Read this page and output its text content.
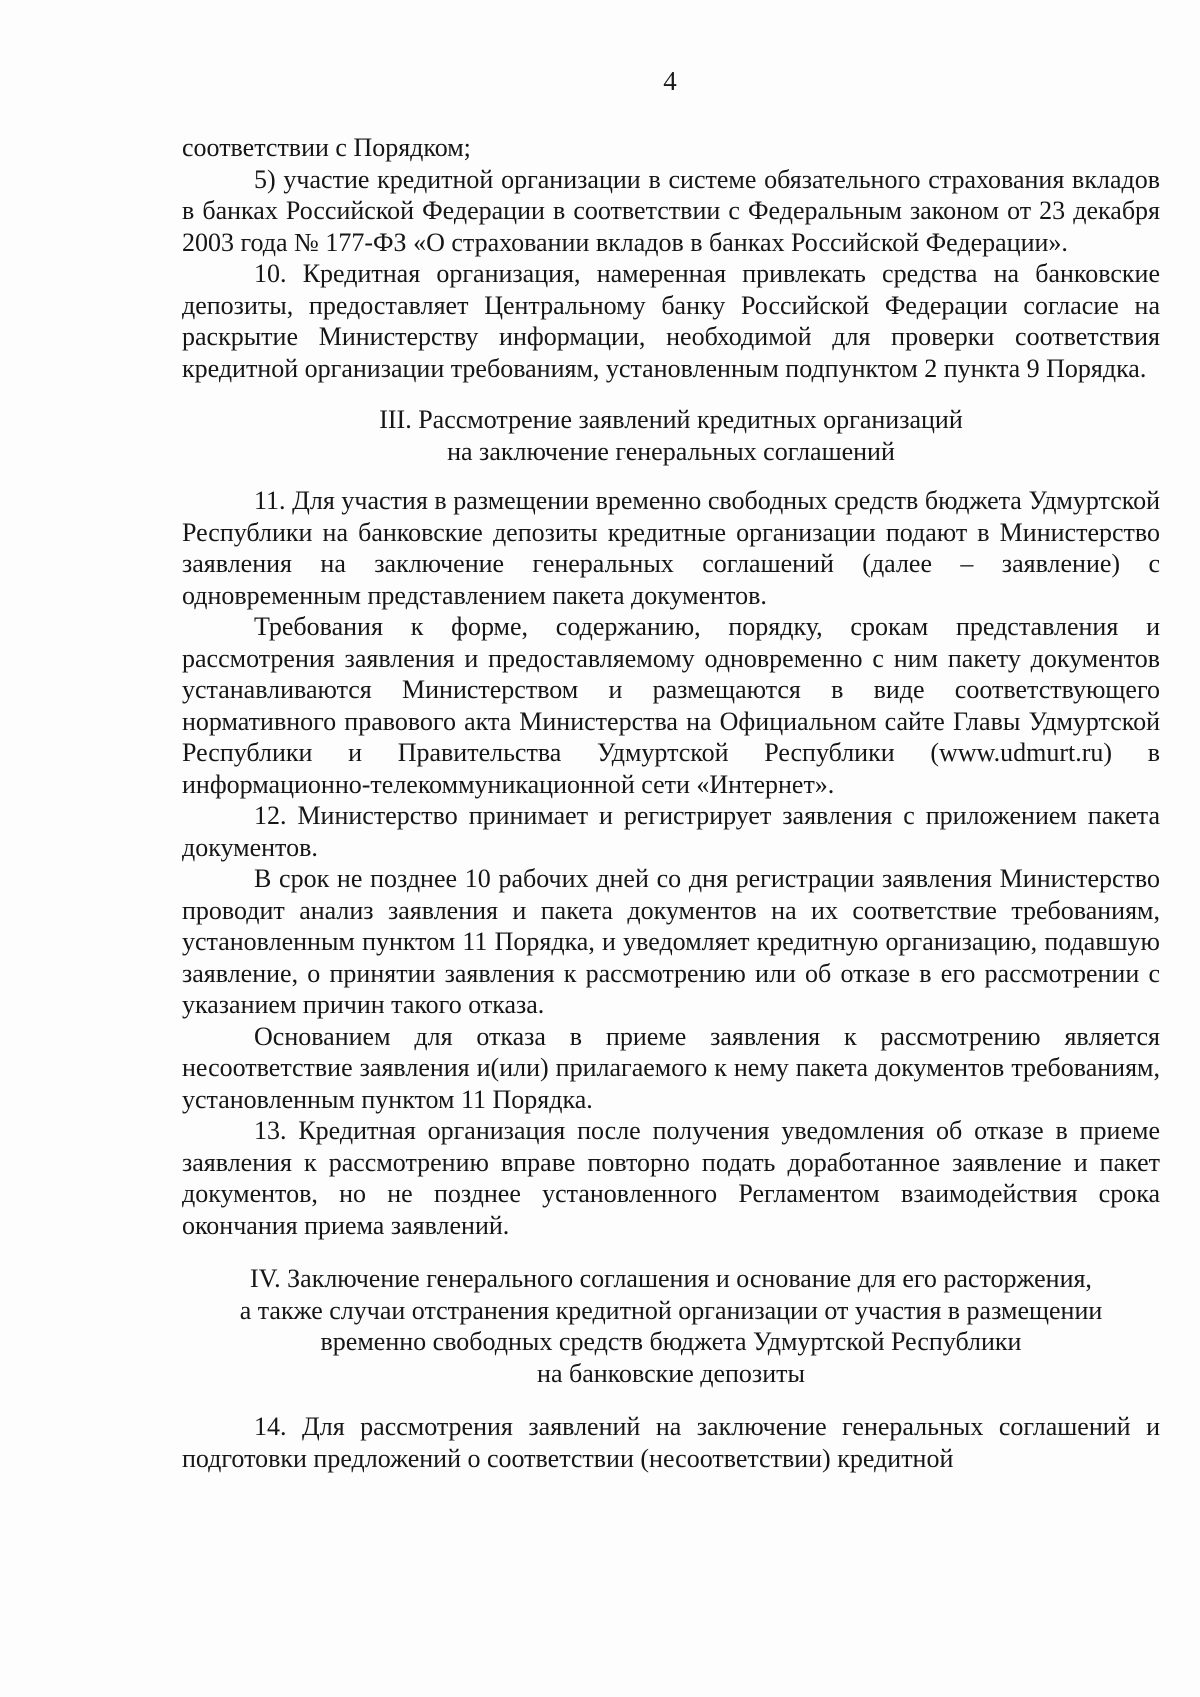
4

соответствии с Порядком;

5) участие кредитной организации в системе обязательного страхования вкладов в банках Российской Федерации в соответствии с Федеральным законом от 23 декабря 2003 года № 177-ФЗ «О страховании вкладов в банках Российской Федерации».

10. Кредитная организация, намеренная привлекать средства на банковские депозиты, предоставляет Центральному банку Российской Федерации согласие на раскрытие Министерству информации, необходимой для проверки соответствия кредитной организации требованиям, установленным подпунктом 2 пункта 9 Порядка.

III. Рассмотрение заявлений кредитных организаций
на заключение генеральных соглашений

11. Для участия в размещении временно свободных средств бюджета Удмуртской Республики на банковские депозиты кредитные организации подают в Министерство заявления на заключение генеральных соглашений (далее – заявление) с одновременным представлением пакета документов.

Требования к форме, содержанию, порядку, срокам представления и рассмотрения заявления и предоставляемому одновременно с ним пакету документов устанавливаются Министерством и размещаются в виде соответствующего нормативного правового акта Министерства на Официальном сайте Главы Удмуртской Республики и Правительства Удмуртской Республики (www.udmurt.ru) в информационно-телекоммуникационной сети «Интернет».

12. Министерство принимает и регистрирует заявления с приложением пакета документов.

В срок не позднее 10 рабочих дней со дня регистрации заявления Министерство проводит анализ заявления и пакета документов на их соответствие требованиям, установленным пунктом 11 Порядка, и уведомляет кредитную организацию, подавшую заявление, о принятии заявления к рассмотрению или об отказе в его рассмотрении с указанием причин такого отказа.

Основанием для отказа в приеме заявления к рассмотрению является несоответствие заявления и(или) прилагаемого к нему пакета документов требованиям, установленным пунктом 11 Порядка.

13. Кредитная организация после получения уведомления об отказе в приеме заявления к рассмотрению вправе повторно подать доработанное заявление и пакет документов, но не позднее установленного Регламентом взаимодействия срока окончания приема заявлений.

IV. Заключение генерального соглашения и основание для его расторжения,
а также случаи отстранения кредитной организации от участия в размещении
временно свободных средств бюджета Удмуртской Республики
на банковские депозиты

14. Для рассмотрения заявлений на заключение генеральных соглашений и подготовки предложений о соответствии (несоответствии) кредитной
